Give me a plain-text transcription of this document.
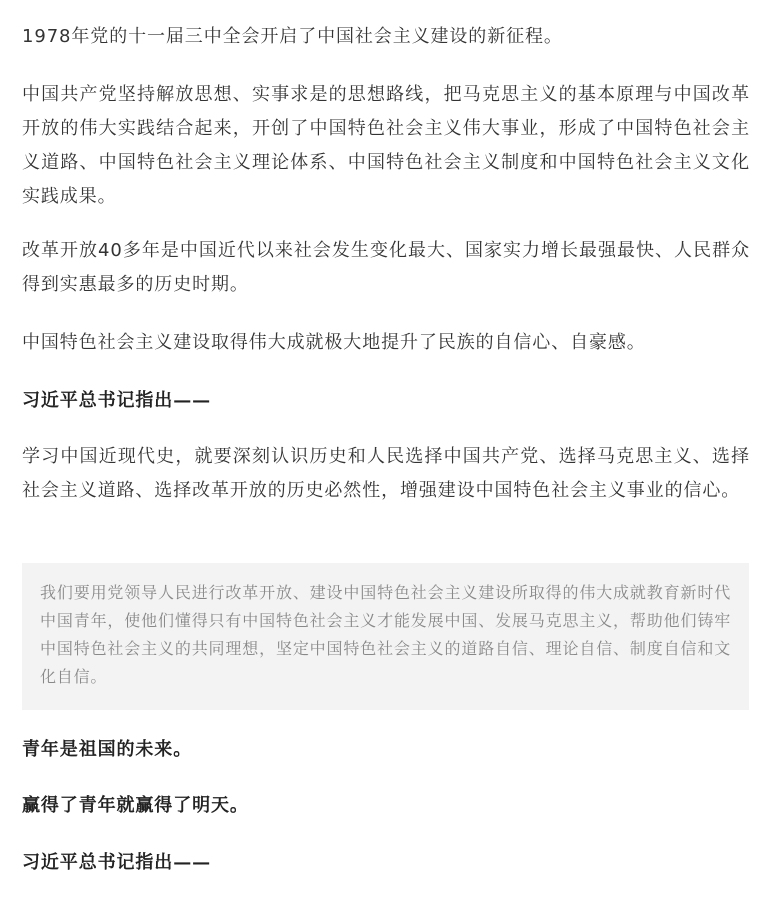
1978年党的十一届三中全会开启了中国社会主义建设的新征程。

中国共产党坚持解放思想、实事求是的思想路线，把马克思主义的基本原理与中国改革开放的伟大实践结合起来，开创了中国特色社会主义伟大事业，形成了中国特色社会主义道路、中国特色社会主义理论体系、中国特色社会主义制度和中国特色社会主义文化实践成果。

改革开放40多年是中国近代以来社会发生变化最大、国家实力增长最强最快、人民群众得到实惠最多的历史时期。

中国特色社会主义建设取得伟大成就极大地提升了民族的自信心、自豪感。

习近平总书记指出——

学习中国近现代史，就要深刻认识历史和人民选择中国共产党、选择马克思主义、选择社会主义道路、选择改革开放的历史必然性，增强建设中国特色社会主义事业的信心。

我们要用党领导人民进行改革开放、建设中国特色社会主义建设所取得的伟大成就教育新时代中国青年，使他们懂得只有中国特色社会主义才能发展中国、发展马克思主义，帮助他们铸牢中国特色社会主义的共同理想，坚定中国特色社会主义的道路自信、理论自信、制度自信和文化自信。

青年是祖国的未来。

赢得了青年就赢得了明天。

习近平总书记指出——
